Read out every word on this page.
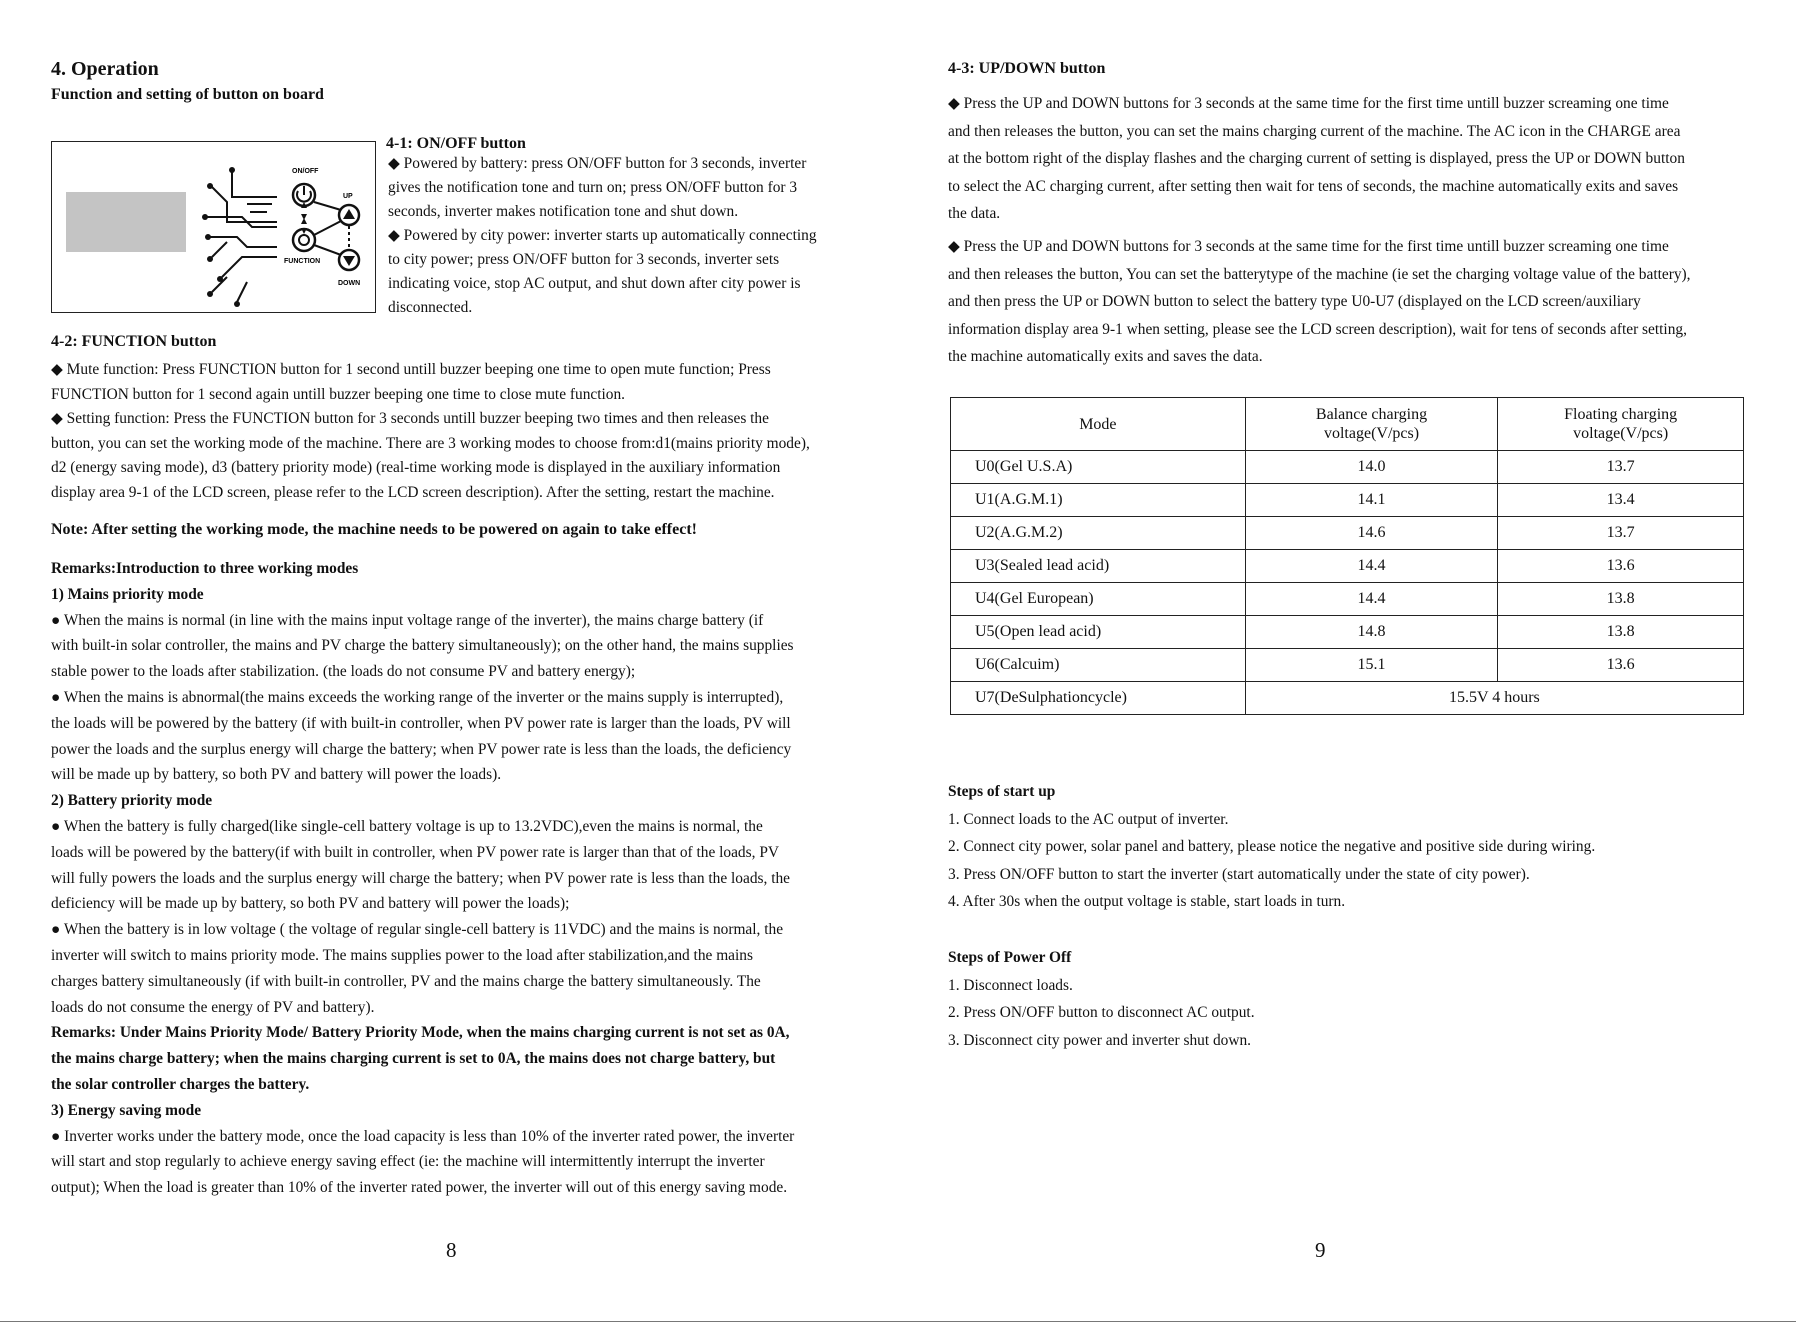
4. Operation
Function and setting of button on board
ON/OFF
UP
FUNCTION
DOWN
4-1: ON/OFF button

◆ Powered by battery: press ON/OFF button for 3 seconds, inverter

gives the notification tone and turn on; press ON/OFF button for 3

seconds, inverter makes notification tone and shut down.

◆ Powered by city power: inverter starts up automatically connecting

to city power; press ON/OFF button for 3 seconds, inverter sets

indicating voice, stop AC output, and shut down after city power is

disconnected.

4-2: FUNCTION button

◆ Mute function: Press FUNCTION button for 1 second untill buzzer beeping one time to open mute function; Press

FUNCTION button for 1 second again untill buzzer beeping one time to close mute function.

◆ Setting function: Press the FUNCTION button for 3 seconds untill buzzer beeping two times and then releases the

button, you can set the working mode of the machine. There are 3 working modes to choose from:d1(mains priority mode),

d2 (energy saving mode), d3 (battery priority mode) (real-time working mode is displayed in the auxiliary information

display area 9-1 of the LCD screen, please refer to the LCD screen description). After the setting, restart the machine.

Note: After setting the working mode, the machine needs to be powered on again to take effect!

Remarks:Introduction to three working modes

1) Mains priority mode

● When the mains is normal (in line with the mains input voltage range of the inverter), the mains charge battery (if

with built-in solar controller, the mains and PV charge the battery simultaneously); on the other hand, the mains supplies

stable power to the loads after stabilization. (the loads do not consume PV and battery energy);

● When the mains is abnormal(the mains exceeds the working range of the inverter or the mains supply is interrupted),

the loads will be powered by the battery (if with built-in controller, when PV power rate is larger than the loads, PV will

power the loads and the surplus energy will charge the battery; when PV power rate is less than the loads, the deficiency

will be made up by battery, so both PV and battery will power the loads).

2) Battery priority mode

● When the battery is fully charged(like single-cell battery voltage is up to 13.2VDC),even the mains is normal, the

loads will be powered by the battery(if with built in controller, when PV power rate is larger than that of the loads, PV

will fully powers the loads and the surplus energy will charge the battery; when PV power rate is less than the loads, the

deficiency will be made up by battery, so both PV and battery will power the loads);

● When the battery is in low voltage ( the voltage of regular single-cell battery is 11VDC) and the mains is normal, the

inverter will switch to mains priority mode. The mains supplies power to the load after stabilization,and the mains

charges battery simultaneously (if with built-in controller, PV and the mains charge the battery simultaneously. The

loads do not consume the energy of PV and battery).

Remarks: Under Mains Priority Mode/ Battery Priority Mode, when the mains charging current is not set as 0A,

the mains charge battery; when the mains charging current is set to 0A, the mains does not charge battery, but

the solar controller charges the battery.

3) Energy saving mode

● Inverter works under the battery mode, once the load capacity is less than 10% of the inverter rated power, the inverter

will start and stop regularly to achieve energy saving effect (ie: the machine will intermittently interrupt the inverter

output); When the load is greater than 10% of the inverter rated power, the inverter will out of this energy saving mode.

8
4-3: UP/DOWN button

◆ Press the UP and DOWN buttons for 3 seconds at the same time for the first time untill buzzer screaming one time

and then releases the button, you can set the mains charging current of the machine. The AC icon in the CHARGE area

at the bottom right of the display flashes and the charging current of setting is displayed, press the UP or DOWN button

to select the AC charging current, after setting then wait for tens of seconds, the machine automatically exits and saves

the data.

◆ Press the UP and DOWN buttons for 3 seconds at the same time for the first time untill buzzer screaming one time

and then releases the button, You can set the batterytype of the machine (ie set the charging voltage value of the battery),

and then press the UP or DOWN button to select the battery type U0-U7 (displayed on the LCD screen/auxiliary

information display area 9-1 when setting, please see the LCD screen description), wait for tens of seconds after setting,

the machine automatically exits and saves the data.

Mode	Balance charging
voltage(V/pcs)	Floating charging
voltage(V/pcs)
U0(Gel U.S.A)	14.0	13.7
U1(A.G.M.1)	14.1	13.4
U2(A.G.M.2)	14.6	13.7
U3(Sealed lead acid)	14.4	13.6
U4(Gel European)	14.4	13.8
U5(Open lead acid)	14.8	13.8
U6(Calcuim)	15.1	13.6
U7(DeSulphationcycle)	15.5V 4 hours	

Steps of start up

1. Connect loads to the AC output of inverter.

2. Connect city power, solar panel and battery, please notice the negative and positive side during wiring.

3. Press ON/OFF button to start the inverter (start automatically under the state of city power).

4. After 30s when the output voltage is stable, start loads in turn.

Steps of Power Off

1. Disconnect loads.

2. Press ON/OFF button to disconnect AC output.

3. Disconnect city power and inverter shut down.

9
